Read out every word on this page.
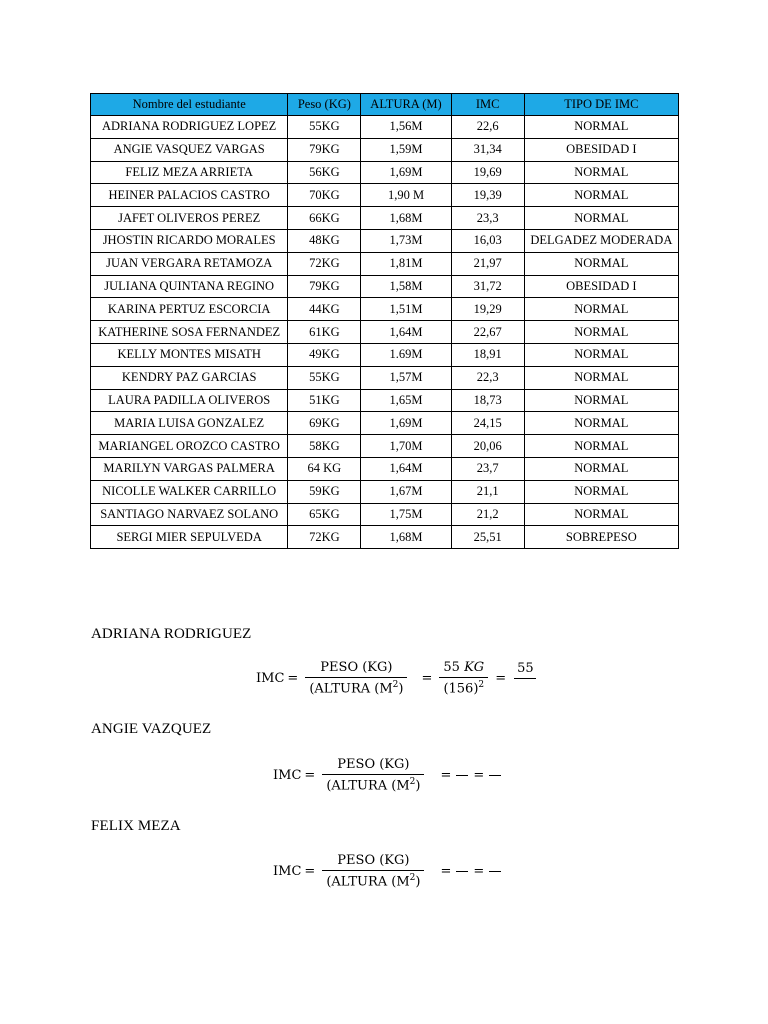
Nombre del estudiante	Peso (KG)	ALTURA (M)	IMC	TIPO DE IMC
ADRIANA RODRIGUEZ LOPEZ	55KG	1,56M	22,6	NORMAL
ANGIE VASQUEZ VARGAS	79KG	1,59M	31,34	OBESIDAD I
FELIZ MEZA ARRIETA	56KG	1,69M	19,69	NORMAL
HEINER PALACIOS CASTRO	70KG	1,90 M	19,39	NORMAL
JAFET OLIVEROS PEREZ	66KG	1,68M	23,3	NORMAL
JHOSTIN RICARDO MORALES	48KG	1,73M	16,03	DELGADEZ MODERADA
JUAN VERGARA RETAMOZA	72KG	1,81M	21,97	NORMAL
JULIANA QUINTANA REGINO	79KG	1,58M	31,72	OBESIDAD I
KARINA PERTUZ ESCORCIA	44KG	1,51M	19,29	NORMAL
KATHERINE SOSA FERNANDEZ	61KG	1,64M	22,67	NORMAL
KELLY MONTES MISATH	49KG	1.69M	18,91	NORMAL
KENDRY PAZ GARCIAS	55KG	1,57M	22,3	NORMAL
LAURA PADILLA OLIVEROS	51KG	1,65M	18,73	NORMAL
MARIA LUISA GONZALEZ	69KG	1,69M	24,15	NORMAL
MARIANGEL OROZCO CASTRO	58KG	1,70M	20,06	NORMAL
MARILYN VARGAS PALMERA	64 KG	1,64M	23,7	NORMAL
NICOLLE WALKER CARRILLO	59KG	1,67M	21,1	NORMAL
SANTIAGO NARVAEZ SOLANO	65KG	1,75M	21,2	NORMAL
SERGI MIER SEPULVEDA	72KG	1,68M	25,51	SOBREPESO
ADRIANA RODRIGUEZ
IMC = $\frac{\text{PESO (KG)}}{(ALTURA (M^2)} = \frac{55 KG}{(156)^2}$ =
55

ANGIE VAZQUEZ
IMC = $\frac{\text{PESO (KG)}}{(ALTURA (M^2)}$ = =
FELIX MEZA
IMC = $\frac{\text{PESO (KG)}}{(ALTURA (M^2)}$ = =
